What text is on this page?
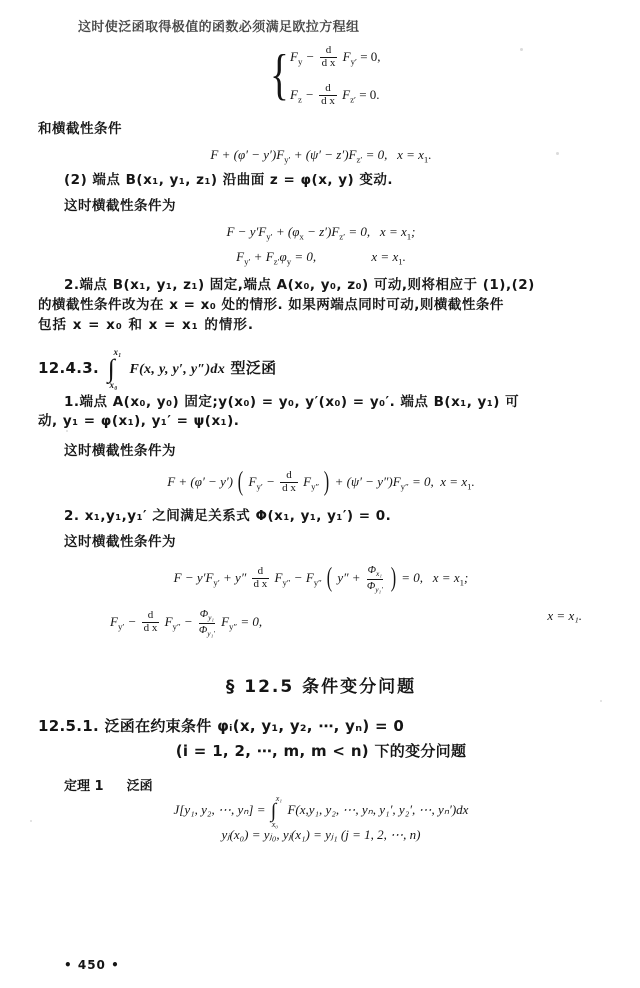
这时使泛函取得极值的函数必须满足欧拉方程组
{ $F_y - \frac{d}{\text{d x}} F_{y'} = 0$,
$F_z - \frac{d}{\text{d x}} F_{z'} = 0$.
和横截性条件
$F + (\varphi' - y')F_{y'} + (\psi' - z')F_{z'} = 0$,   $x = x_1$.
(2) 端点 B(x₁, y₁, z₁) 沿曲面 z = φ(x, y) 变动.
这时横截性条件为
$F - y'F_{y'} + (\varphi_x - z')F_{z'} = 0$,   $x = x_1$;
$F_{y'} + F_{z'}\varphi_y = 0$,                 $x = x_1$.
2.端点 B(x₁, y₁, z₁) 固定,端点 A(x₀, y₀, z₀) 可动,则将相应于 (1),(2)
的横截性条件改为在 x = x₀ 处的情形. 如果两端点同时可动,则横截性条件
包括 x = x₀ 和 x = x₁ 的情形.
12.4.3. ∫
x₁
x₀
F(x, y, y′, y″)dx 型泛函
1.端点 A(x₀, y₀) 固定;y(x₀) = y₀, y′(x₀) = y₀′. 端点 B(x₁, y₁) 可
动, y₁ = φ(x₁), y₁′ = ψ(x₁).
这时横截性条件为
F + (φ′ − y′) ( $F_{y'} - \frac{d}{\text{d x}} F_{y''}$ ) + $(\psi' - y'')F_{y''} = 0$,  $x = x_1$.
2. x₁,y₁,y₁′ 之间满足关系式 Φ(x₁, y₁, y₁′) = 0.
这时横截性条件为
$F - y'F_{y'} + y'' \frac{d}{\text{d x}} F_{y''} - F_{y''}$ ( $y'' + \frac{\Phi_{x_1}}{\Phi_{y_1'}}$ ) = 0,   $x = x_1$;
$F_{y'} - \frac{d}{\text{d x}} F_{y''} - \frac{\Phi_{y_1}}{\Phi_{y_1'}} F_{y''} = 0$,	x = x₁.
§ 12.5 条件变分问题
12.5.1. 泛函在约束条件 φᵢ(x, y₁, y₂, ⋯, yₙ) = 0
(i = 1, 2, ⋯, m, m < n) 下的变分问题
定理 1 泛函
J[y₁, y₂, ⋯, yₙ] = ∫
x₁
x₀
F(x,y₁, y₂, ⋯, yₙ, y₁′, y₂′, ⋯, yₙ′)dx
yⱼ(x₀) = yⱼ₀, yⱼ(x₁) = yⱼ₁ (j = 1, 2, ⋯, n)
• 450 •
